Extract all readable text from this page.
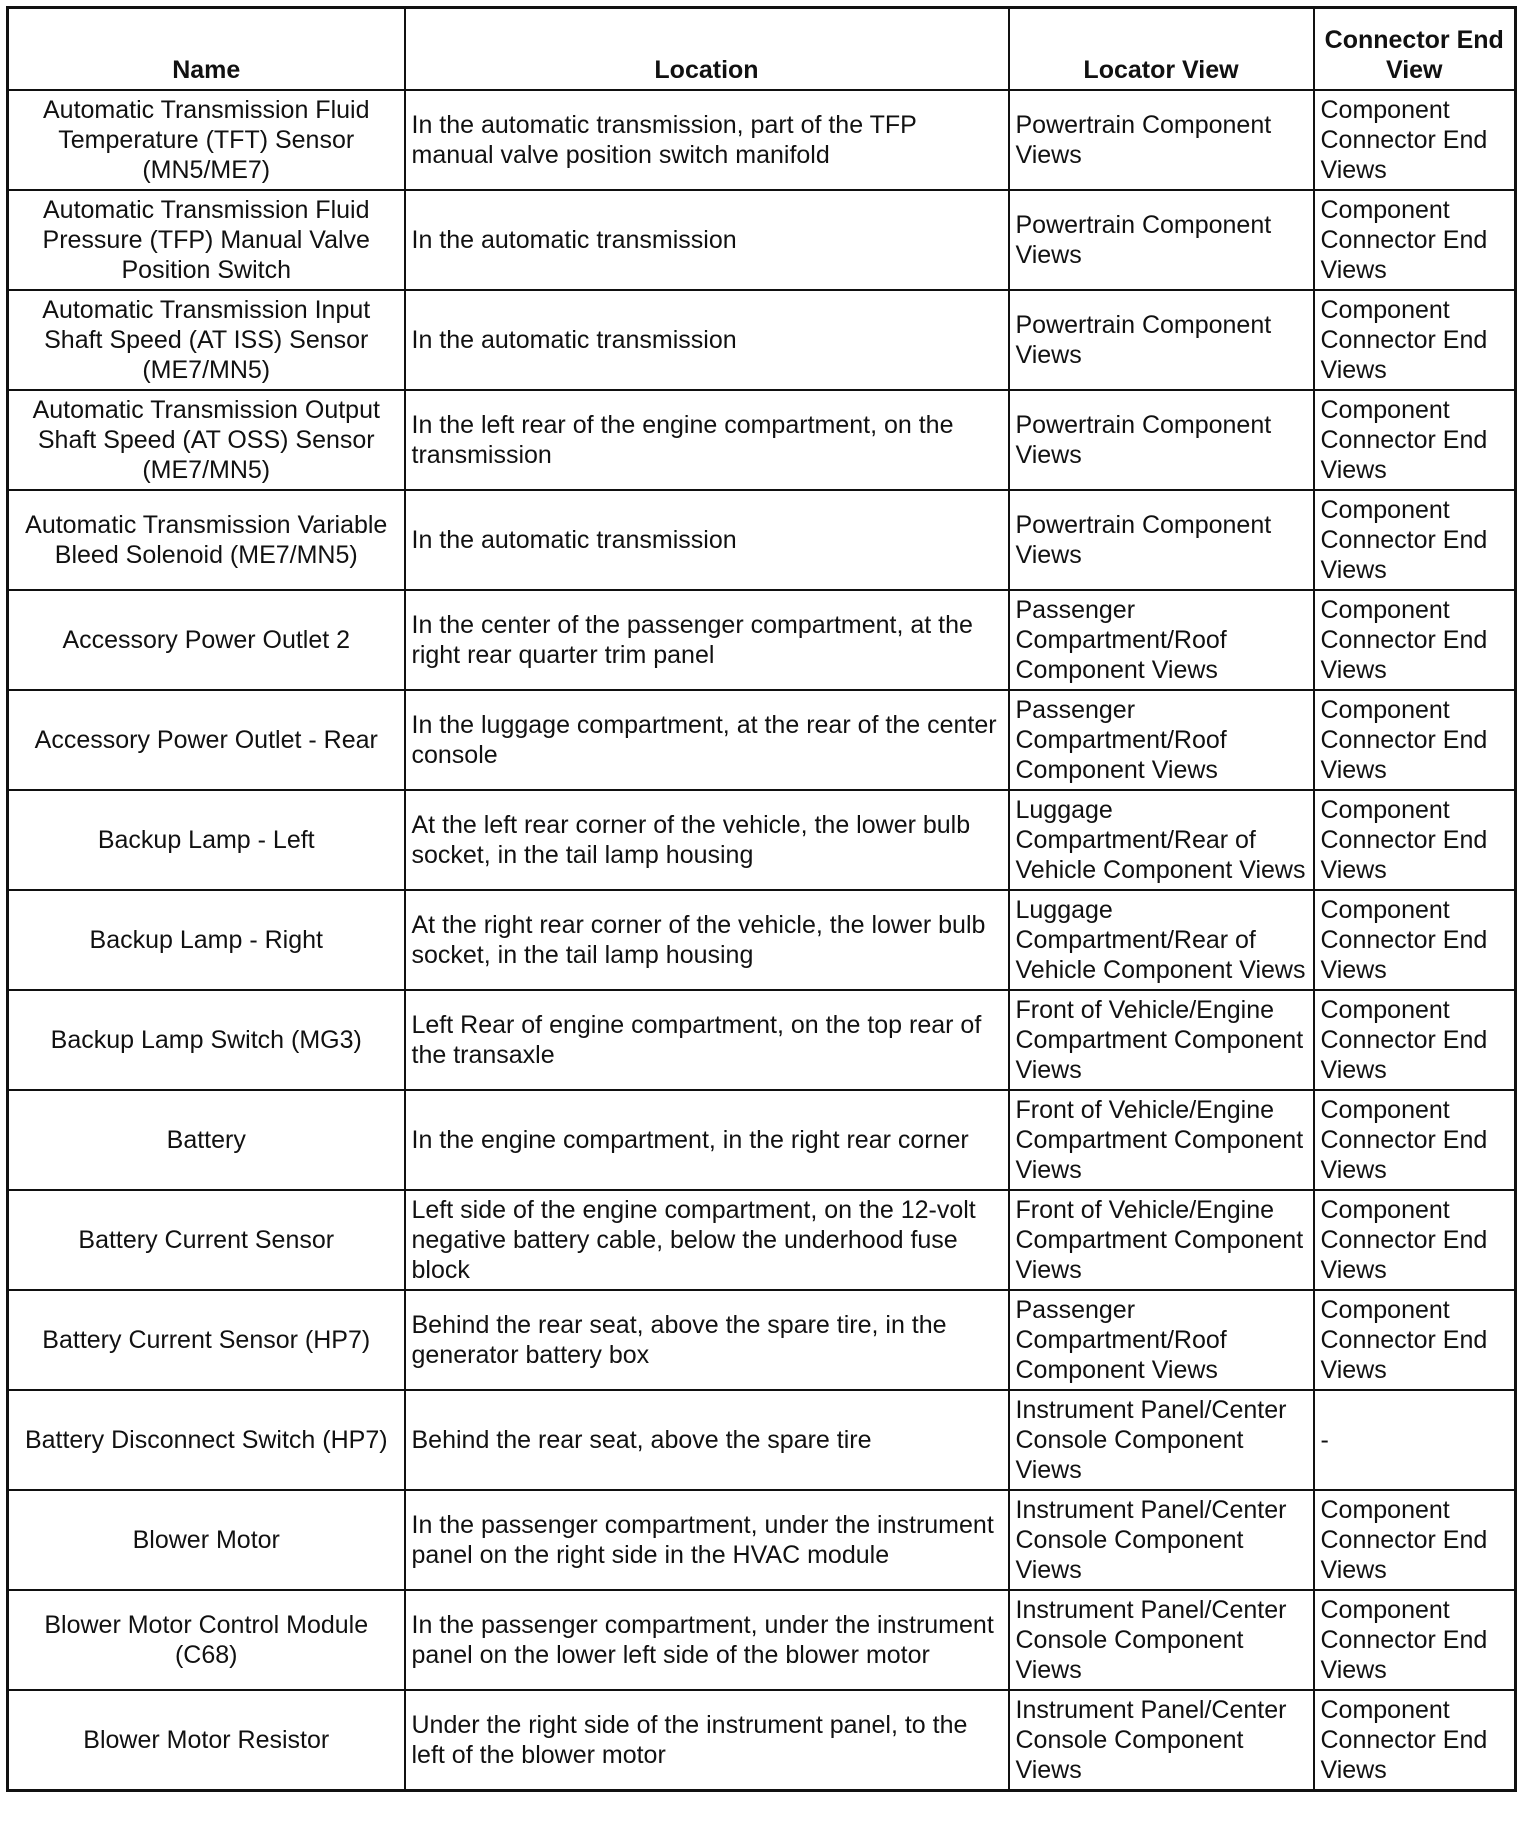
Name	Location	Locator View	Connector End View
Automatic Transmission Fluid Temperature (TFT) Sensor (MN5/ME7)	In the automatic transmission, part of the TFP manual valve position switch manifold	Powertrain Component Views	Component Connector End Views
Automatic Transmission Fluid Pressure (TFP) Manual Valve Position Switch	In the automatic transmission	Powertrain Component Views	Component Connector End Views
Automatic Transmission Input Shaft Speed (AT ISS) Sensor (ME7/MN5)	In the automatic transmission	Powertrain Component Views	Component Connector End Views
Automatic Transmission Output Shaft Speed (AT OSS) Sensor (ME7/MN5)	In the left rear of the engine compartment, on the transmission	Powertrain Component Views	Component Connector End Views
Automatic Transmission Variable Bleed Solenoid (ME7/MN5)	In the automatic transmission	Powertrain Component Views	Component Connector End Views
Accessory Power Outlet 2	In the center of the passenger compartment, at the right rear quarter trim panel	Passenger Compartment/Roof Component Views	Component Connector End Views
Accessory Power Outlet - Rear	In the luggage compartment, at the rear of the center console	Passenger Compartment/Roof Component Views	Component Connector End Views
Backup Lamp - Left	At the left rear corner of the vehicle, the lower bulb socket, in the tail lamp housing	Luggage Compartment/Rear of Vehicle Component Views	Component Connector End Views
Backup Lamp - Right	At the right rear corner of the vehicle, the lower bulb socket, in the tail lamp housing	Luggage Compartment/Rear of Vehicle Component Views	Component Connector End Views
Backup Lamp Switch (MG3)	Left Rear of engine compartment, on the top rear of the transaxle	Front of Vehicle/Engine Compartment Component Views	Component Connector End Views
Battery	In the engine compartment, in the right rear corner	Front of Vehicle/Engine Compartment Component Views	Component Connector End Views
Battery Current Sensor	Left side of the engine compartment, on the 12-volt negative battery cable, below the underhood fuse block	Front of Vehicle/Engine Compartment Component Views	Component Connector End Views
Battery Current Sensor (HP7)	Behind the rear seat, above the spare tire, in the generator battery box	Passenger Compartment/Roof Component Views	Component Connector End Views
Battery Disconnect Switch (HP7)	Behind the rear seat, above the spare tire	Instrument Panel/Center Console Component Views	-
Blower Motor	In the passenger compartment, under the instrument panel on the right side in the HVAC module	Instrument Panel/Center Console Component Views	Component Connector End Views
Blower Motor Control Module (C68)	In the passenger compartment, under the instrument panel on the lower left side of the blower motor	Instrument Panel/Center Console Component Views	Component Connector End Views
Blower Motor Resistor	Under the right side of the instrument panel, to the left of the blower motor	Instrument Panel/Center Console Component Views	Component Connector End Views
